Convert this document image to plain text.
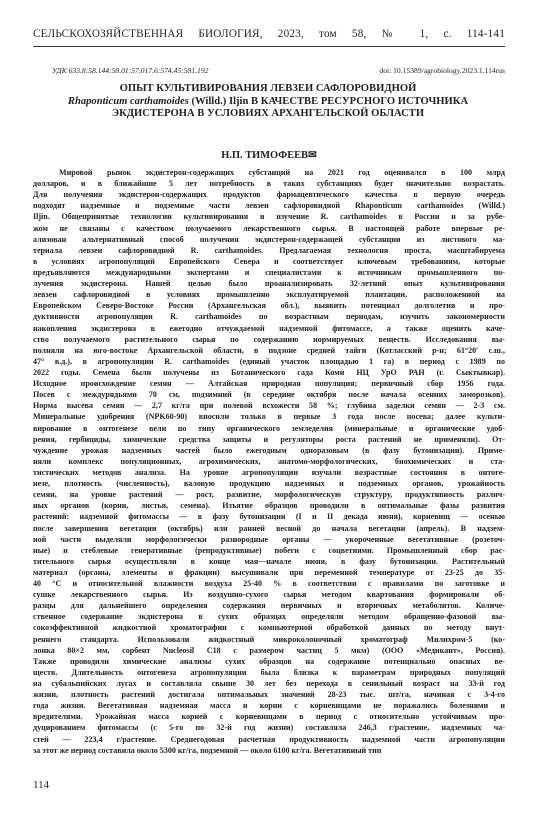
СЕЛЬСКОХОЗЯЙСТВЕННАЯ БИОЛОГИЯ, 2023, том 58, № 1, с. 114-141
УДК 633.8:58.144:58.01:57.017.6:574.45:581.192	doi: 10.15389/agrobiology.2023.1.114rus
ОПЫТ КУЛЬТИВИРОВАНИЯ ЛЕВЗЕИ САФЛОРОВИДНОЙ
Rhaponticum carthamoides (Willd.) Iljin В КАЧЕСТВЕ РЕСУРСНОГО ИСТОЧНИКА ЭКДИСТЕРОНА В УСЛОВИЯХ АРХАНГЕЛЬСКОЙ ОБЛАСТИ
Н.П. ТИМОФЕЕВ✉
Мировой рынок экдистерон-содержащих субстанций на 2021 год оценивался в 100 млрд
долларов, и в ближайшие 5 лет потребность в таких субстанциях будет значительно возрастать.
Для получения экдистерон-содержащих продуктов фармацевтического качества в первую очередь
подходят надземные и подземные части левзеи сафлоровидной Rhaponticum carthamoides (Willd.)
Iljin. Общепринятые технологии культивирования и изучение R. carthamoides в России и за рубе-
жом не связаны с качеством получаемого лекарственного сырья. В настоящей работе впервые ре-
ализован альтернативный способ получения экдистерон-содержащей субстанции из листового ма-
териала левзеи сафлоровидной R. carthamoides. Предлагаемая технология проста, масштабируема
в условиях агропопуляций Европейского Севера и соответствует ключевым требованиям, которые
предъявляются международными экспертами и специалистами к источникам промышленного по-
лучения экдистерона. Нашей целью было проанализировать 32-летний опыт культивирования
левзеи сафлоровидной в условиях промышленно эксплуатируемой плантации, расположенной на
Европейском Северо-Востоке России (Архангельская обл.), выявить потенциал долголетия и про-
дуктивности агропопуляции R. carthamoides по возрастным периодам, изучить закономерности
накопления экдистерона в ежегодно отчуждаемой надземной фитомассе, а также оценить каче-
ство получаемого растительного сырья по содержанию нормируемых веществ. Исследования вы-
полняли на юго-востоке Архангельской области, в подзоне средней тайги (Котласский р-н; 61°20′ с.ш.,
47° в.д.), в агропопуляции R. carthamoides (единый участок площадью 1 га) в период с 1989 по
2022 годы. Семена были получены из Ботанического сада Коми НЦ УрО РАН (г. Сыктывкар).
Исходное происхождение семян — Алтайская природная популяция; первичный сбор 1956 года.
Посев с междурядьями 70 см, подзимний (в середине октября после начала осенних заморозков).
Норма высева семян — 2,7 кг/га при полевой всхожести 58 %; глубина заделки семян — 2-3 см.
Минеральные удобрения (NPK60-90) вносили только в первые 3 года после посева; далее культи-
вирование в онтогенезе вели по типу органического земледелия (минеральные и органические удоб-
рения, гербициды, химические средства защиты и регуляторы роста растений не применяли). От-
чуждение урожая надземных частей было ежегодным одноразовым (в фазу бутонизации). Приме-
няли комплекс популяционных, агрохимических, анатомо-морфологических, биохимических и ста-
тистических методов анализа. На уровне агропопуляции изучали возрастные состояния в онтоге-
незе, плотность (численность), валовую продукцию надземных и подземных органов, урожайность
семян, на уровне растений — рост, развитие, морфологическую структуру, продуктивность различ-
ных органов (корни, листья, семена). Изъятие образцов проводили в оптимальные фазы развития
растений: надземной фитомассы — в фазу бутонизации (I и II декада июня), корневищ — осенью
после завершения вегетации (октябрь) или ранней весной до начала вегетации (апрель). В надзем-
ной части выделяли морфологически разнородные органы — укороченные вегетативные (розеточ-
ные) и стеблевые генеративные (репродуктивные) побеги с соцветиями. Промышленный сбор рас-
тительного сырья осуществляли в конце мая—начале июня, в фазу бутонизации. Растительный
материал (органы, элементы и фракции) высушивали при переменной температуре от 23-25 до 35-
40 °С и относительной влажности воздуха 25-40 % в соответствии с правилами по заготовке и
сушке лекарственного сырья. Из воздушно-сухого сырья методом квартования формировали об-
разцы для дальнейшего определения содержания первичных и вторичных метаболитов. Количе-
ственное содержание экдистерона в сухих образцах определяли методом обращенно-фазовой вы-
сокоэффективной жидкостной хроматографии с компьютерной обработкой данных по методу внут-
реннего стандарта. Использовали жидкостный микроколоночный хроматограф Милихром-5 (ко-
лонка 80×2 мм, сорбент Nucleosil C18 с размером частиц 5 мкм) (ООО «Медикант», Россия).
Также проводили химические анализы сухих образцов на содержание потенциально опасных ве-
ществ. Длительность онтогенеза агропопуляции была близка к параметрам природных популяций
на субальпийских лугах и составляла свыше 30 лет без перехода в сенильный возраст на 33-й год
жизни, плотность растений достигала оптимальных значений 28-23 тыс. шт/га, начиная с 3-4-го
года жизни. Вегетативная надземная масса и корни с корневищами не поражались болезнями и
вредителями. Урожайная масса корней с корневищами в период с относительно устойчивым про-
дуцированием фитомассы (с 5-го по 32-й год жизни) составляла 246,3 г/растение, надземных ча-
стей — 223,4 г/растение. Среднегодовая расчетная продуктивность надземной части агропопуляции
за этот же период составила около 5300 кг/га, подземной — около 6100 кг/га. Вегетативный тип
114
